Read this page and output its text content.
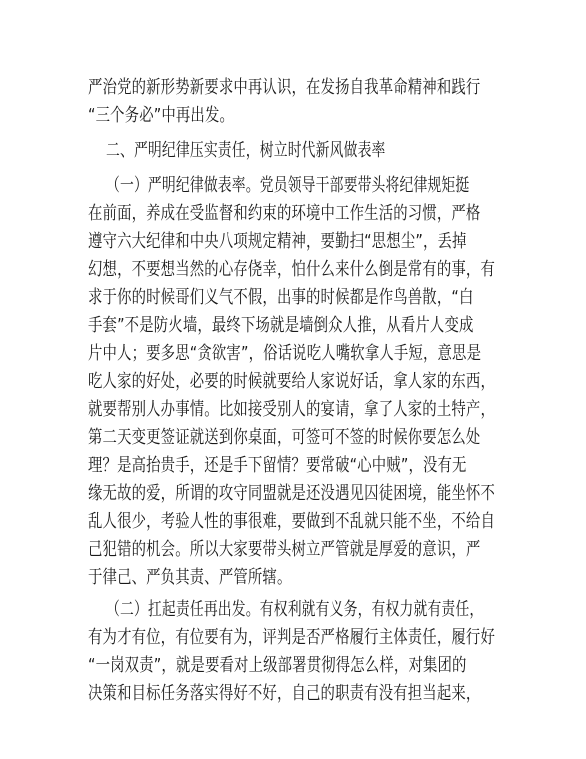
严治党的新形势新要求中再认识，在发扬自我革命精神和践行
“三个务必”中再出发。
二、严明纪律压实责任，树立时代新风做表率
（一）严明纪律做表率。党员领导干部要带头将纪律规矩挺
在前面，养成在受监督和约束的环境中工作生活的习惯，严格
遵守六大纪律和中央八项规定精神，要勤扫“思想尘”，丢掉
幻想，不要想当然的心存侥幸，怕什么来什么倒是常有的事，有
求于你的时候哥们义气不假，出事的时候都是作鸟兽散，“白
手套”不是防火墙，最终下场就是墙倒众人推，从看片人变成
片中人；要多思“贪欲害”，俗话说吃人嘴软拿人手短，意思是
吃人家的好处，必要的时候就要给人家说好话，拿人家的东西，
就要帮别人办事情。比如接受别人的宴请，拿了人家的土特产，
第二天变更签证就送到你桌面，可签可不签的时候你要怎么处
理？是高抬贵手，还是手下留情？要常破“心中贼”，没有无
缘无故的爱，所谓的攻守同盟就是还没遇见囚徒困境，能坐怀不
乱人很少，考验人性的事很难，要做到不乱就只能不坐，不给自
己犯错的机会。所以大家要带头树立严管就是厚爱的意识，严
于律己、严负其责、严管所辖。
（二）扛起责任再出发。有权利就有义务，有权力就有责任，
有为才有位，有位要有为，评判是否严格履行主体责任，履行好
“一岗双责”，就是要看对上级部署贯彻得怎么样，对集团的
决策和目标任务落实得好不好，自己的职责有没有担当起来，
